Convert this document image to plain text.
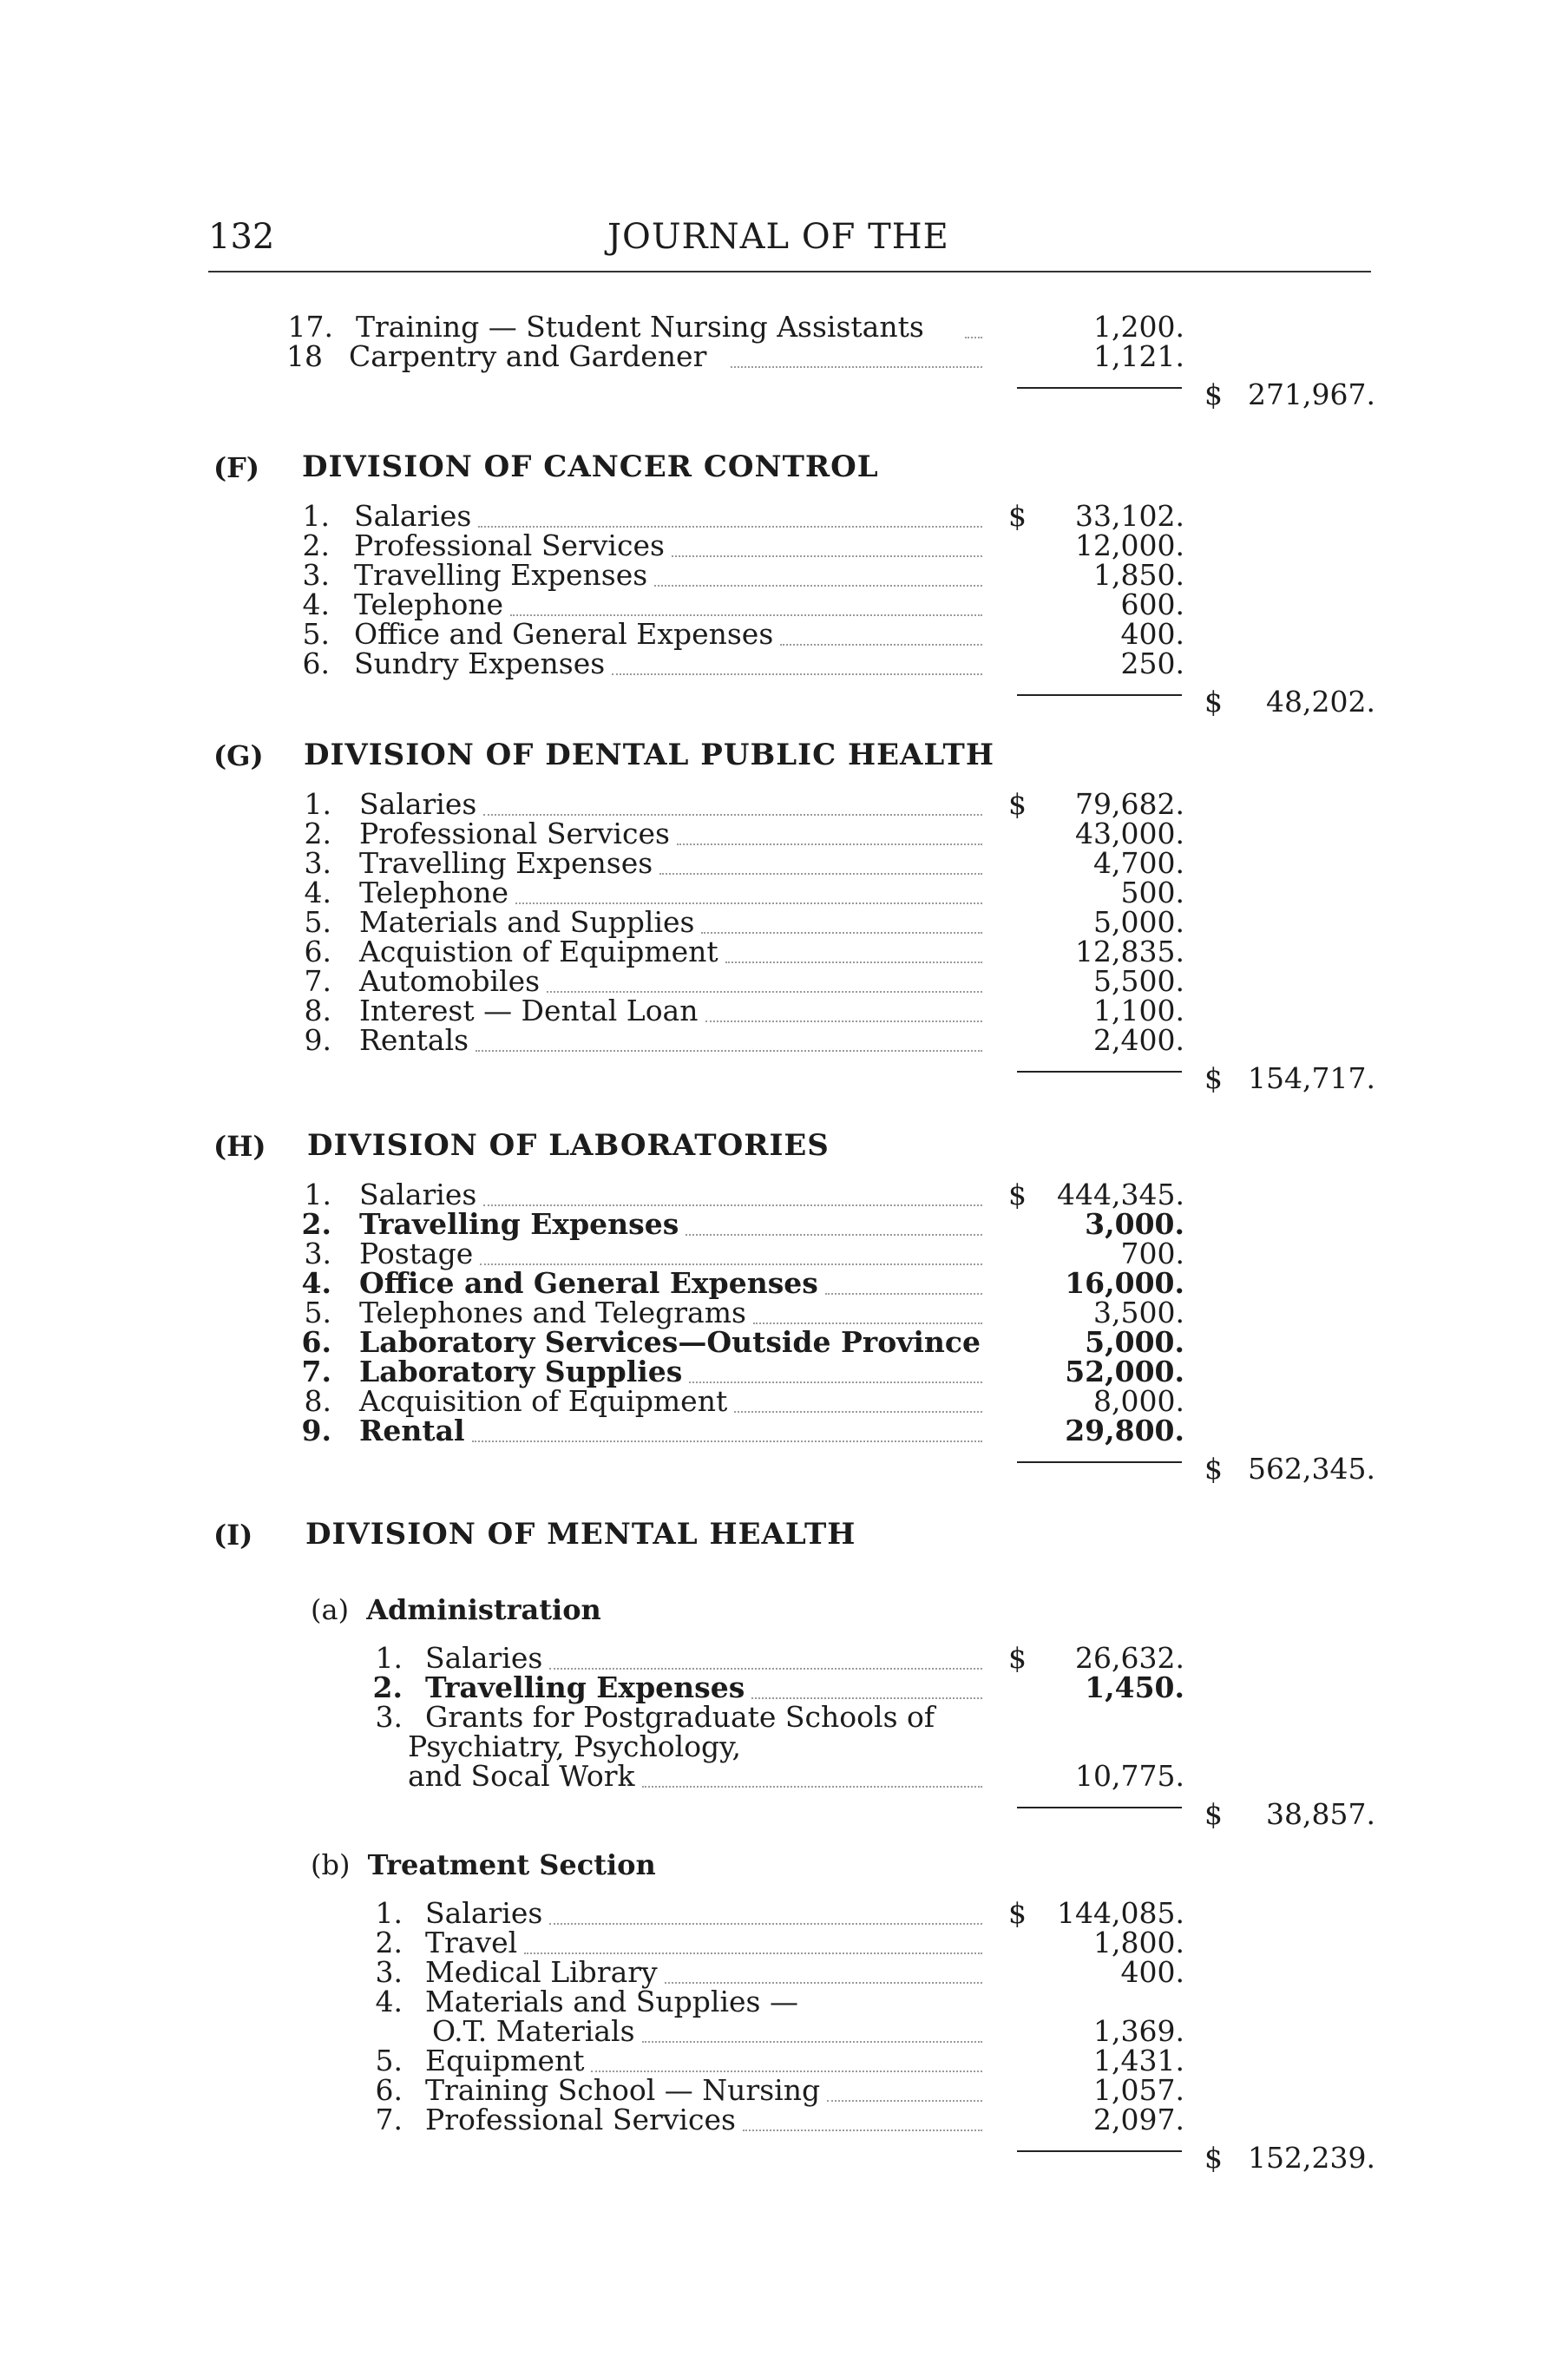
132	JOURNAL OF THE
17. Training — Student Nursing Assistants	1,200.
18 Carpentry and Gardener	1,121.
$ 271,967.
(F) DIVISION OF CANCER CONTROL
(G) DIVISION OF DENTAL PUBLIC HEALTH
(H) DIVISION OF LABORATORIES
(I) DIVISION OF MENTAL HEALTH
(a) Administration
(b) Treatment Section
1. Salaries	33,102.
$
2. Professional Services	12,000.
3. Travelling Expenses	1,850.
4. Telephone	600.
5. Office and General Expenses	400.
6. Sundry Expenses	250.
$	48,202.
1. Salaries	79,682.
$
2. Professional Services	43,000.
3. Travelling Expenses	4,700.
4. Telephone	500.
5. Materials and Supplies	5,000.
6. Acquistion of Equipment	12,835.
7. Automobiles	5,500.
8. Interest — Dental Loan	1,100.
9. Rentals	2,400.
$ 154,717.
1. Salaries	444,345.
$
2. Travelling Expenses	3,000.
3. Postage	700.
4. Office and General Expenses	16,000.
5. Telephones and Telegrams	3,500.
6. Laboratory Services—Outside Province	5,000.
7. Laboratory Supplies	52,000.
8. Acquisition of Equipment	8,000.
9. Rental	29,800.
$ 562,345.
1. Salaries	26,632.
$
2. Travelling Expenses	1,450.
3. Grants for Postgraduate Schools of
Psychiatry, Psychology,
and Socal Work	10,775.
$	38,857.
1. Salaries	144,085.
$
2. Travel	1,800.
3. Medical Library	400.
4. Materials and Supplies —
O.T. Materials	1,369.
5. Equipment	1,431.
6. Training School — Nursing	1,057.
7. Professional Services	2,097.
$ 152,239.
